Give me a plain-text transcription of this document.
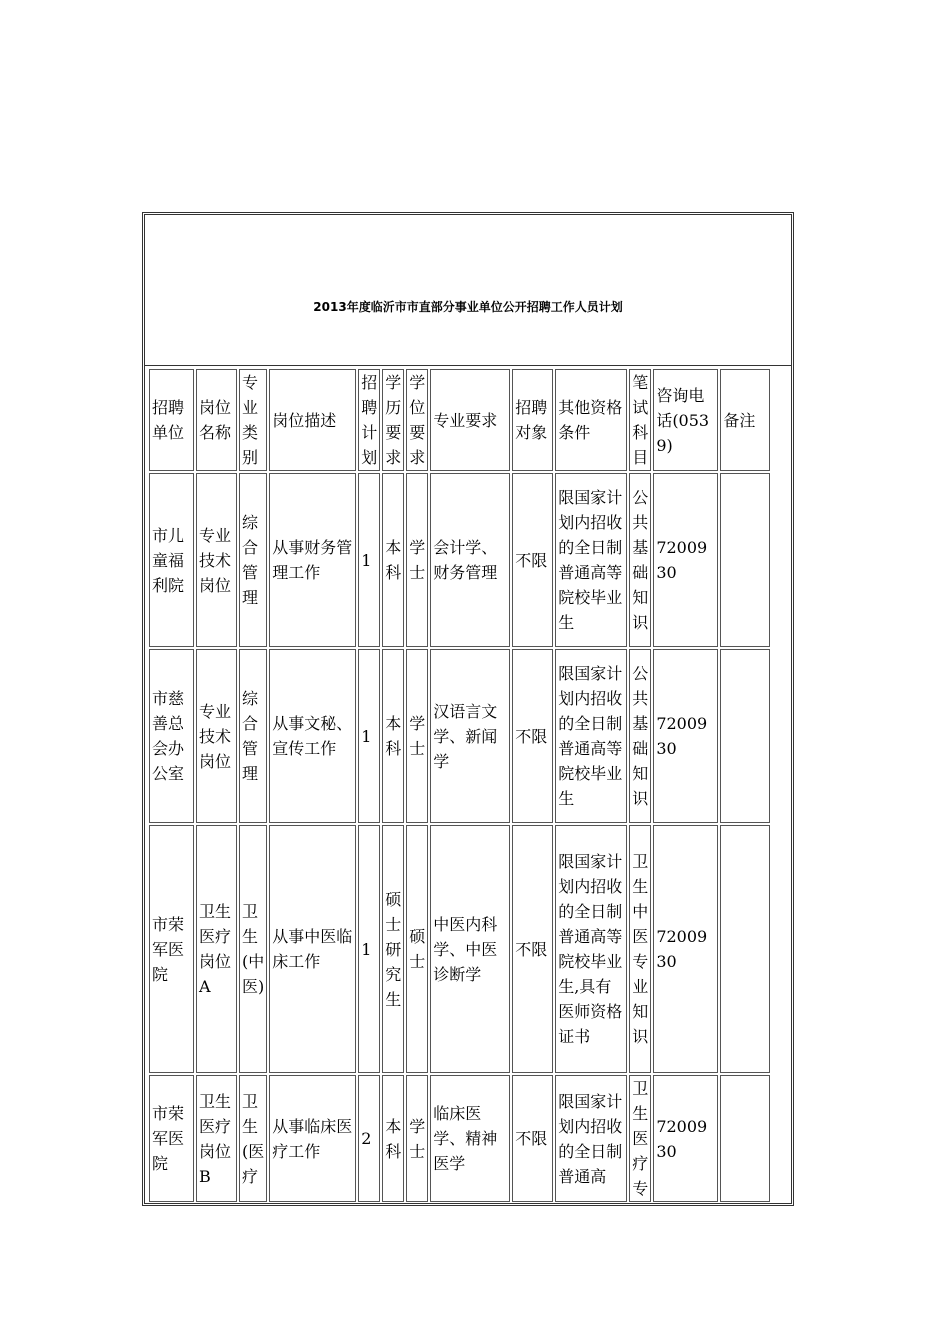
2013年度临沂市市直部分事业单位公开招聘工作人员计划
招聘单位	岗位名称	专业类别	岗位描述	招聘计划	学历要求	学位要求	专业要求	招聘对象	其他资格条件	笔试科目	咨询电话(0539)	备注
市儿童福利院	专业技术岗位	综合管理	从事财务管理工作	1	本科	学士	会计学、财务管理	不限	限国家计划内招收的全日制普通高等院校毕业生	公共基础知识	7200930	
市慈善总会办公室	专业技术岗位	综合管理	从事文秘、宣传工作	1	本科	学士	汉语言文学、新闻学	不限	限国家计划内招收的全日制普通高等院校毕业生	公共基础知识	7200930	
市荣军医院	卫生医疗岗位A	卫生(中医)	从事中医临床工作	1	硕士研究生	硕士	中医内科学、中医诊断学	不限	限国家计划内招收的全日制普通高等院校毕业生,具有医师资格证书	卫生中医专业知识	7200930	
市荣军医院	卫生医疗岗位B	卫生(医疗	从事临床医疗工作	2	本科	学士	临床医学、精神医学	不限	限国家计划内招收的全日制普通高	卫生医疗专	7200930	
